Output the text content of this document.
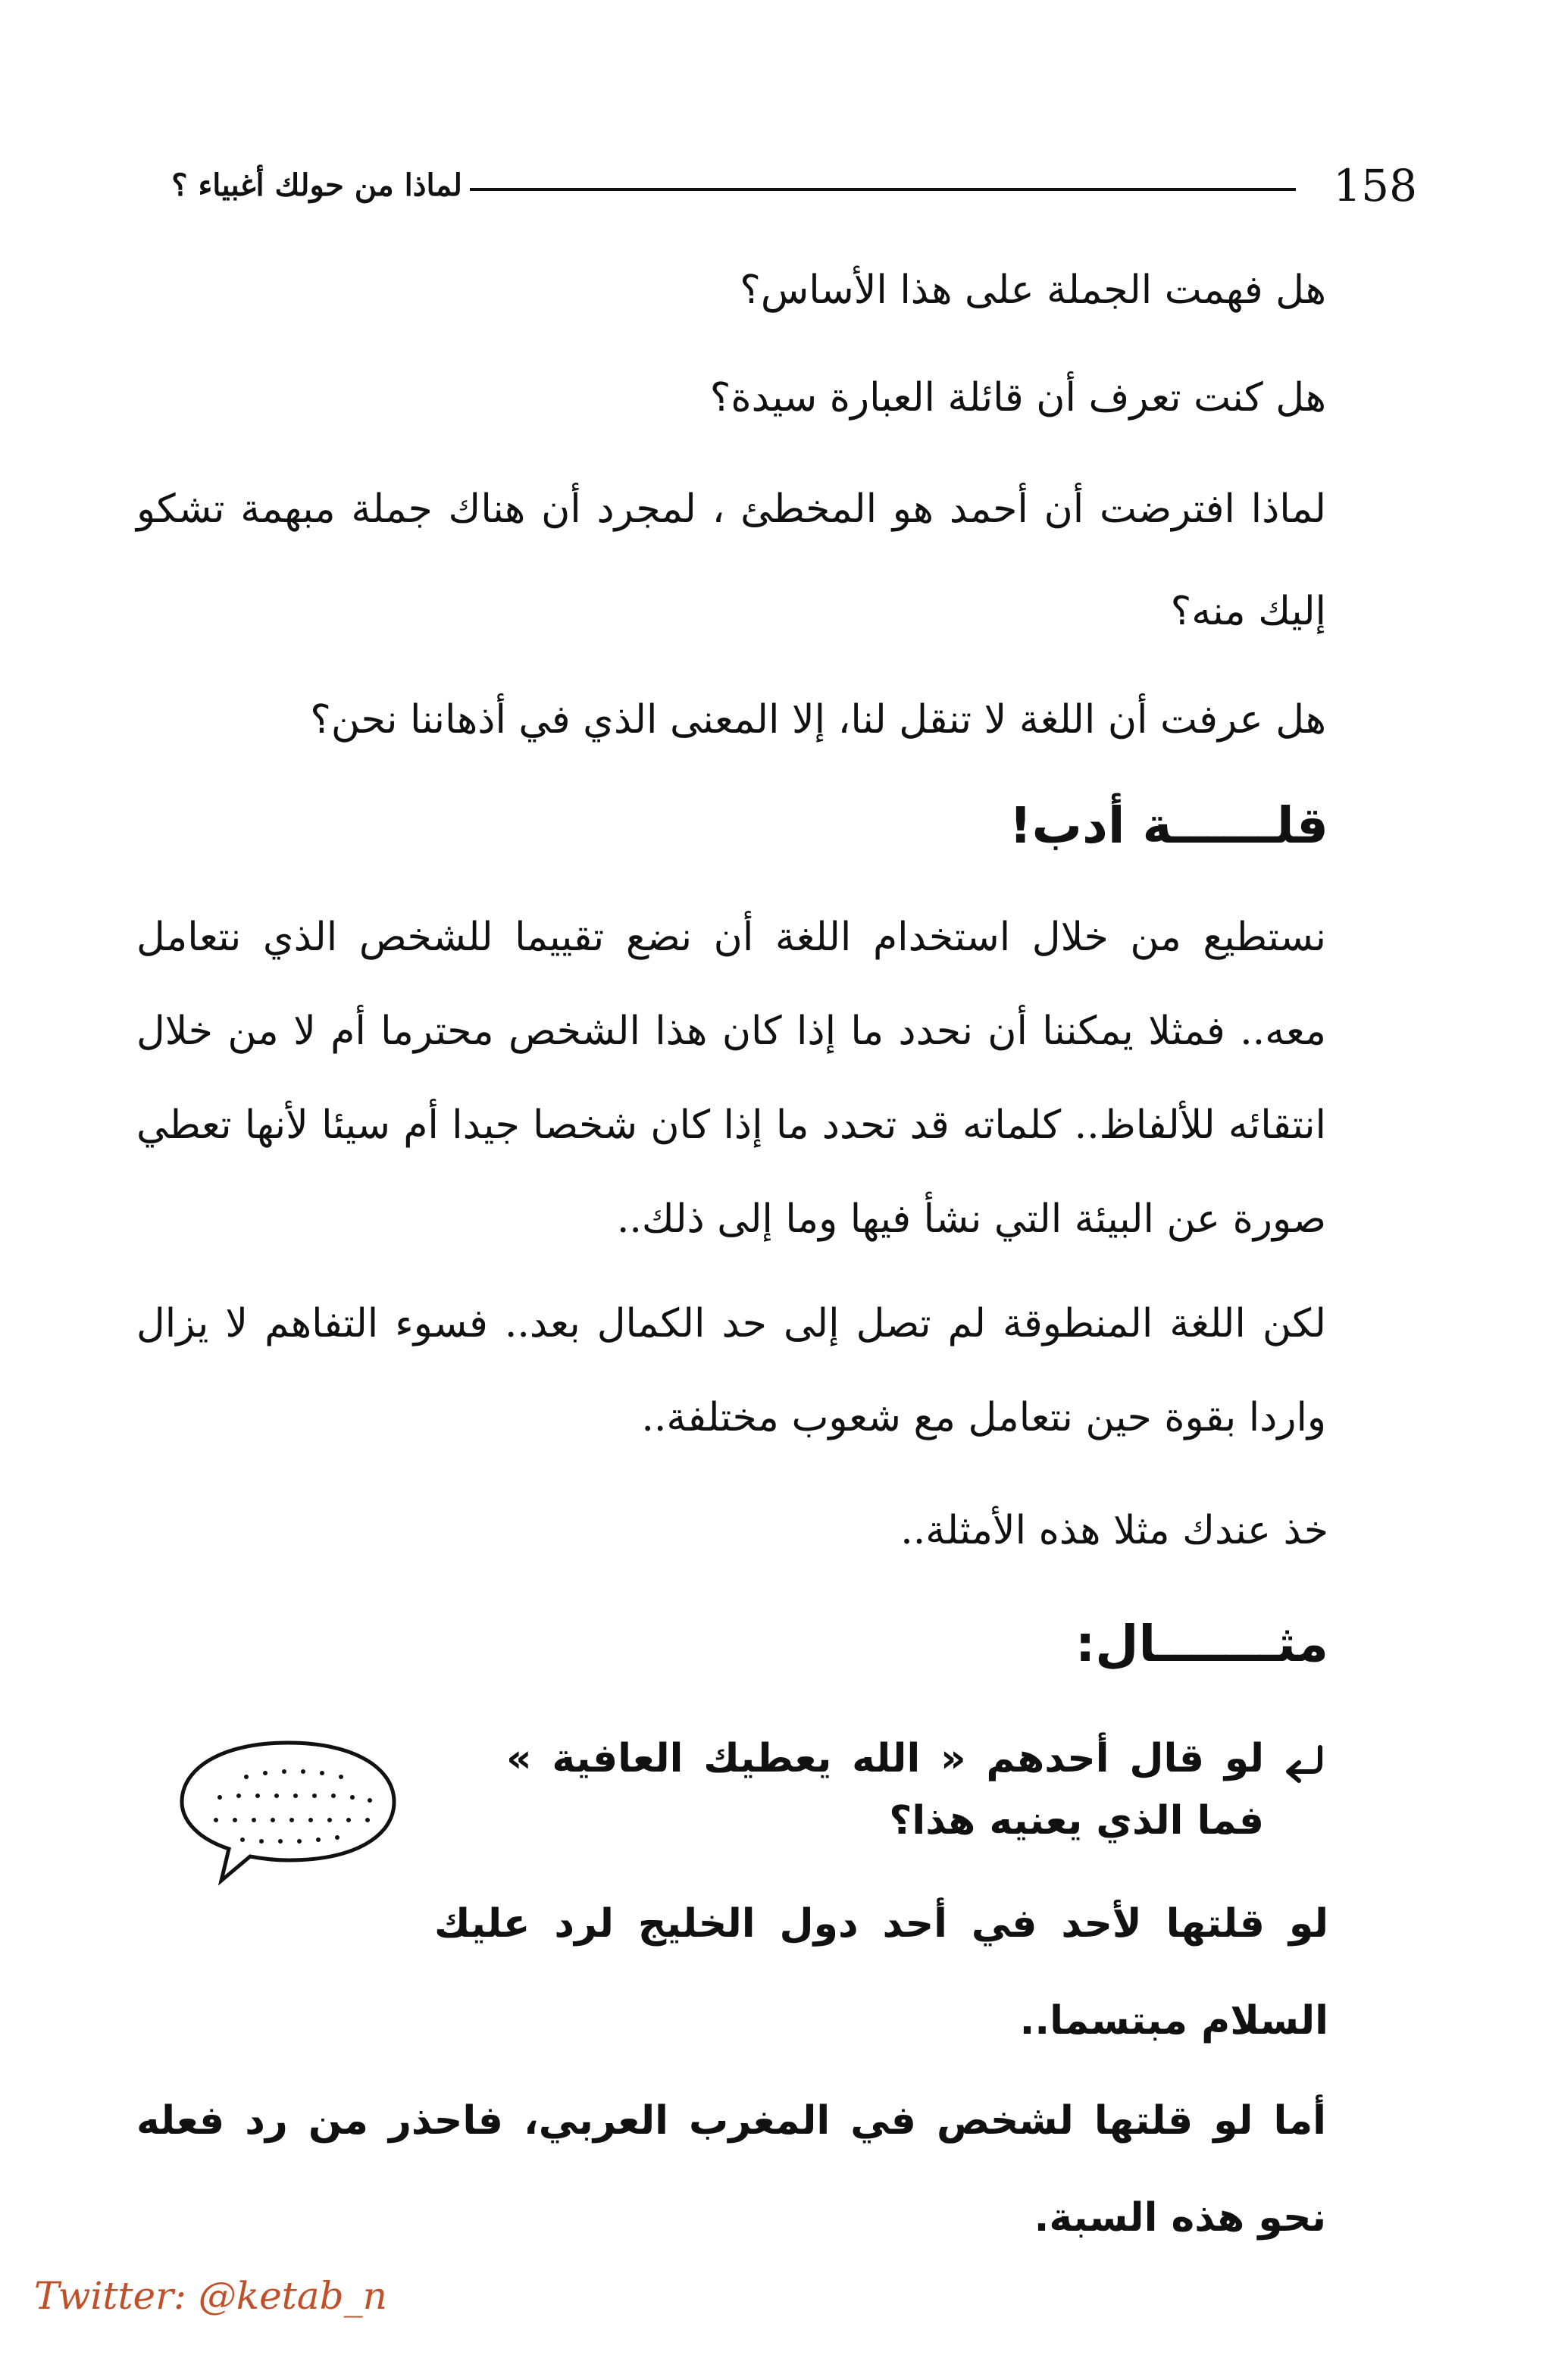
لماذا من حولك أغبياء ؟	158

هل فهمت الجملة على هذا الأساس؟

هل كنت تعرف أن قائلة العبارة سيدة؟

لماذا افترضت أن أحمد هو المخطئ ، لمجرد أن هناك جملة مبهمة تشكو إليك منه؟

هل عرفت أن اللغة لا تنقل لنا، إلا المعنى الذي في أذهاننا نحن؟

قلــــــة أدب!

نستطيع من خلال استخدام اللغة أن نضع تقييما للشخص الذي نتعامل معه.. فمثلا يمكننا أن نحدد ما إذا كان هذا الشخص محترما أم لا من خلال انتقائه للألفاظ.. كلماته قد تحدد ما إذا كان شخصا جيدا أم سيئا لأنها تعطي صورة عن البيئة التي نشأ فيها وما إلى ذلك..

لكن اللغة المنطوقة لم تصل إلى حد الكمال بعد.. فسوء التفاهم لا يزال واردا بقوة حين نتعامل مع شعوب مختلفة..

خذ عندك مثلا هذه الأمثلة..

مثـــــــال:

لو قال أحدهم « الله يعطيك العافية » فما الذي يعنيه هذا؟

لو قلتها لأحد في أحد دول الخليج لرد عليك السلام مبتسما..

أما لو قلتها لشخص في المغرب العربي، فاحذر من رد فعله نحو هذه السبة.

Twitter: @ketab_n
